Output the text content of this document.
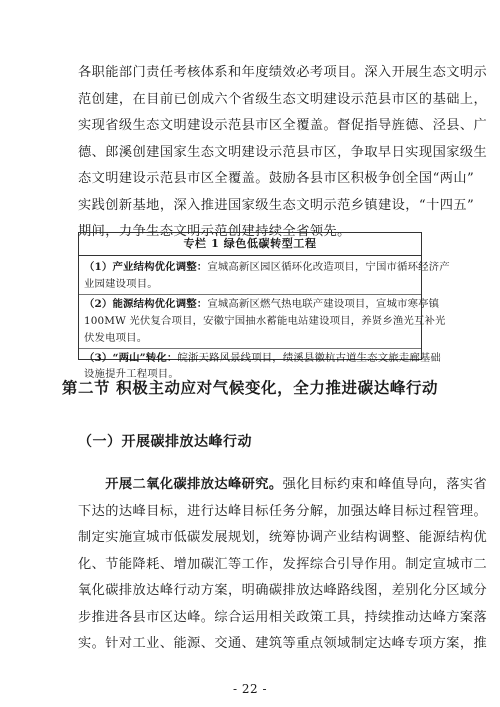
各职能部门责任考核体系和年度绩效必考项目。深入开展生态文明示
范创建，在目前已创成六个省级生态文明建设示范县市区的基础上，
实现省级生态文明建设示范县市区全覆盖。督促指导旌德、泾县、广
德、郎溪创建国家生态文明建设示范县市区，争取早日实现国家级生
态文明建设示范县市区全覆盖。鼓励各县市区积极争创全国“两山”
实践创新基地，深入推进国家级生态文明示范乡镇建设，“十四五”
期间，力争生态文明示范创建持续全省领先。
专栏 1 绿色低碳转型工程
（1）产业结构优化调整：宣城高新区园区循环化改造项目，宁国市循环经济产
业园建设项目。
（2）能源结构优化调整：宣城高新区燃气热电联产建设项目，宣城市寒亭镇
100MW 光伏复合项目，安徽宁国抽水蓄能电站建设项目，养贤乡渔光互补光
伏发电项目。
（3）“两山”转化：皖浙天路风景线项目，绩溪县徽杭古道生态文旅走廊基础
设施提升工程项目。
第二节 积极主动应对气候变化，全力推进碳达峰行动
（一）开展碳排放达峰行动
　　开展二氧化碳排放达峰研究。强化目标约束和峰值导向，落实省
下达的达峰目标，进行达峰目标任务分解，加强达峰目标过程管理。
制定实施宣城市低碳发展规划，统筹协调产业结构调整、能源结构优
化、节能降耗、增加碳汇等工作，发挥综合引导作用。制定宣城市二
氧化碳排放达峰行动方案，明确碳排放达峰路线图，差别化分区域分
步推进各县市区达峰。综合运用相关政策工具，持续推动达峰方案落
实。针对工业、能源、交通、建筑等重点领域制定达峰专项方案，推
- 22 -
